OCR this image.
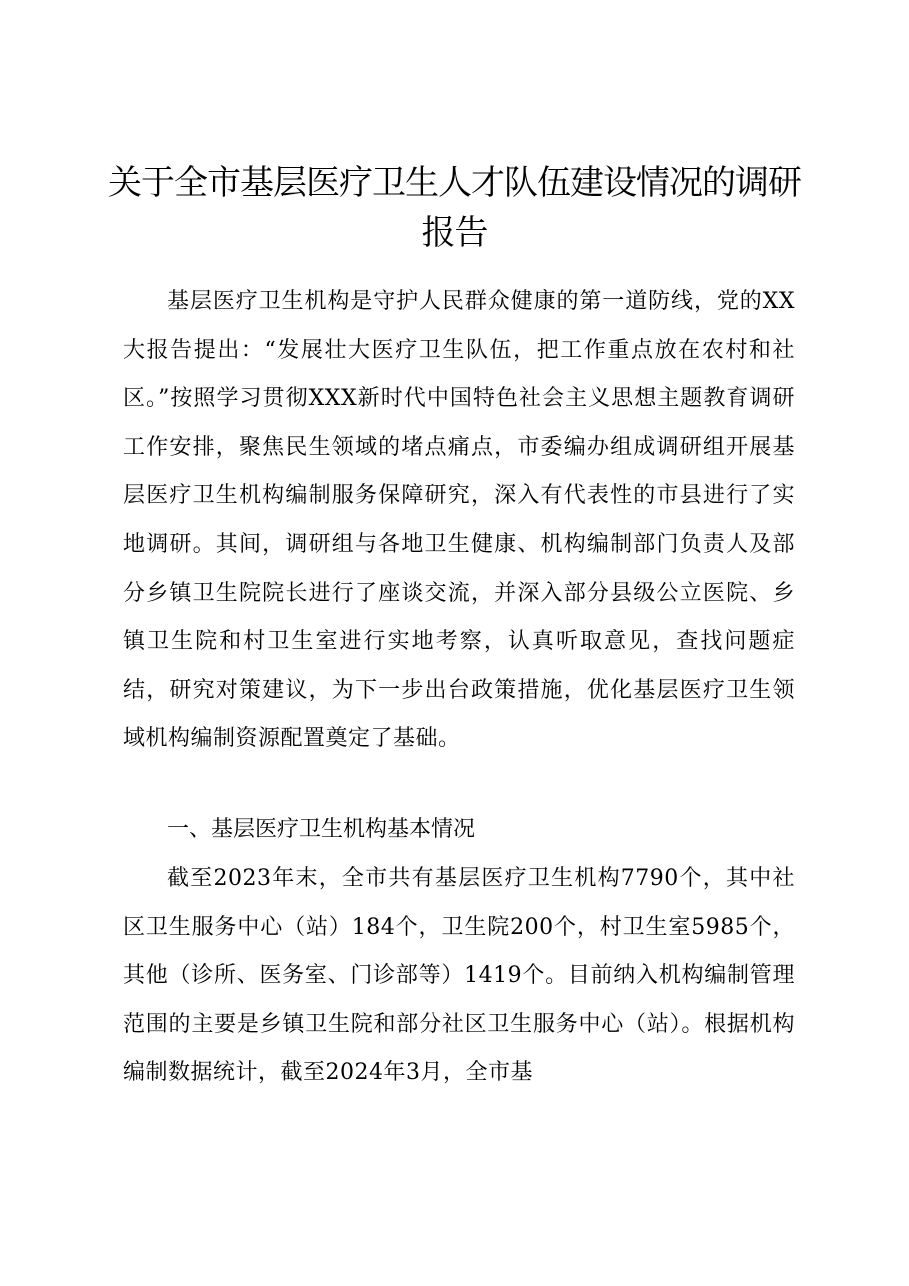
关于全市基层医疗卫生人才队伍建设情况的调研报告

基层医疗卫生机构是守护人民群众健康的第一道防线，党的XX大报告提出：“发展壮大医疗卫生队伍，把工作重点放在农村和社区。”按照学习贯彻XXX新时代中国特色社会主义思想主题教育调研工作安排，聚焦民生领域的堵点痛点，市委编办组成调研组开展基层医疗卫生机构编制服务保障研究，深入有代表性的市县进行了实地调研。其间，调研组与各地卫生健康、机构编制部门负责人及部分乡镇卫生院院长进行了座谈交流，并深入部分县级公立医院、乡镇卫生院和村卫生室进行实地考察，认真听取意见，查找问题症结，研究对策建议，为下一步出台政策措施，优化基层医疗卫生领域机构编制资源配置奠定了基础。

一、基层医疗卫生机构基本情况

截至2023年末，全市共有基层医疗卫生机构7790个，其中社区卫生服务中心（站）184个，卫生院200个，村卫生室5985个，其他（诊所、医务室、门诊部等）1419个。目前纳入机构编制管理范围的主要是乡镇卫生院和部分社区卫生服务中心（站）。根据机构编制数据统计，截至2024年3月，全市基
